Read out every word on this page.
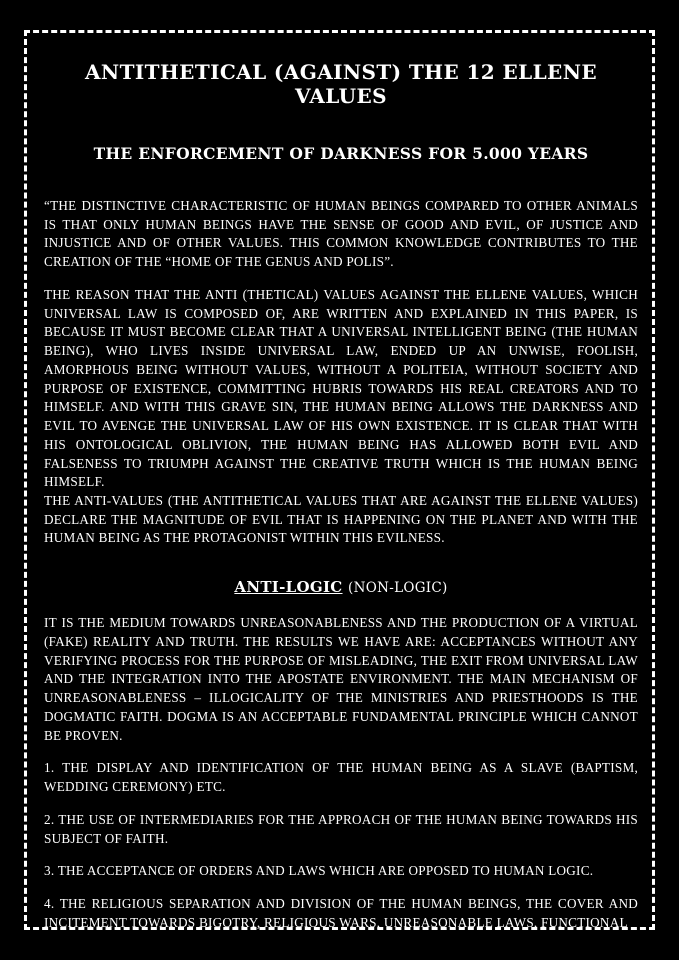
ANTITHETICAL (AGAINST) THE 12 ELLENE VALUES
THE ENFORCEMENT OF DARKNESS FOR 5.000 YEARS

“THE DISTINCTIVE CHARACTERISTIC OF HUMAN BEINGS COMPARED TO OTHER ANIMALS IS THAT ONLY HUMAN BEINGS HAVE THE SENSE OF GOOD AND EVIL, OF JUSTICE AND INJUSTICE AND OF OTHER VALUES. THIS COMMON KNOWLEDGE CONTRIBUTES TO THE CREATION OF THE “HOME OF THE GENUS AND POLIS”.

THE REASON THAT THE ANTI (THETICAL) VALUES AGAINST THE ELLENE VALUES, WHICH UNIVERSAL LAW IS COMPOSED OF, ARE WRITTEN AND EXPLAINED IN THIS PAPER, IS BECAUSE IT MUST BECOME CLEAR THAT A UNIVERSAL INTELLIGENT BEING (THE HUMAN BEING), WHO LIVES INSIDE UNIVERSAL LAW, ENDED UP AN UNWISE, FOOLISH, AMORPHOUS BEING WITHOUT VALUES, WITHOUT A POLITEIA, WITHOUT SOCIETY AND PURPOSE OF EXISTENCE, COMMITTING HUBRIS TOWARDS HIS REAL CREATORS AND TO HIMSELF. AND WITH THIS GRAVE SIN, THE HUMAN BEING ALLOWS THE DARKNESS AND EVIL TO AVENGE THE UNIVERSAL LAW OF HIS OWN EXISTENCE. IT IS CLEAR THAT WITH HIS ONTOLOGICAL OBLIVION, THE HUMAN BEING HAS ALLOWED BOTH EVIL AND FALSENESS TO TRIUMPH AGAINST THE CREATIVE TRUTH WHICH IS THE HUMAN BEING HIMSELF.

THE ANTI-VALUES (THE ANTITHETICAL VALUES THAT ARE AGAINST THE ELLENE VALUES) DECLARE THE MAGNITUDE OF EVIL THAT IS HAPPENING ON THE PLANET AND WITH THE HUMAN BEING AS THE PROTAGONIST WITHIN THIS EVILNESS.

ANTI-LOGIC (NON-LOGIC)

IT IS THE MEDIUM TOWARDS UNREASONABLENESS AND THE PRODUCTION OF A VIRTUAL (FAKE) REALITY AND TRUTH. THE RESULTS WE HAVE ARE: ACCEPTANCES WITHOUT ANY VERIFYING PROCESS FOR THE PURPOSE OF MISLEADING, THE EXIT FROM UNIVERSAL LAW AND THE INTEGRATION INTO THE APOSTATE ENVIRONMENT. THE MAIN MECHANISM OF UNREASONABLENESS – ILLOGICALITY OF THE MINISTRIES AND PRIESTHOODS IS THE DOGMATIC FAITH. DOGMA IS AN ACCEPTABLE FUNDAMENTAL PRINCIPLE WHICH CANNOT BE PROVEN.

1. THE DISPLAY AND IDENTIFICATION OF THE HUMAN BEING AS A SLAVE (BAPTISM, WEDDING CEREMONY) ETC.

2. THE USE OF INTERMEDIARIES FOR THE APPROACH OF THE HUMAN BEING TOWARDS HIS SUBJECT OF FAITH.

3. THE ACCEPTANCE OF ORDERS AND LAWS WHICH ARE OPPOSED TO HUMAN LOGIC.

4. THE RELIGIOUS SEPARATION AND DIVISION OF THE HUMAN BEINGS, THE COVER AND INCITEMENT TOWARDS BIGOTRY, RELIGIOUS WARS, UNREASONABLE LAWS, FUNCTIONAL
